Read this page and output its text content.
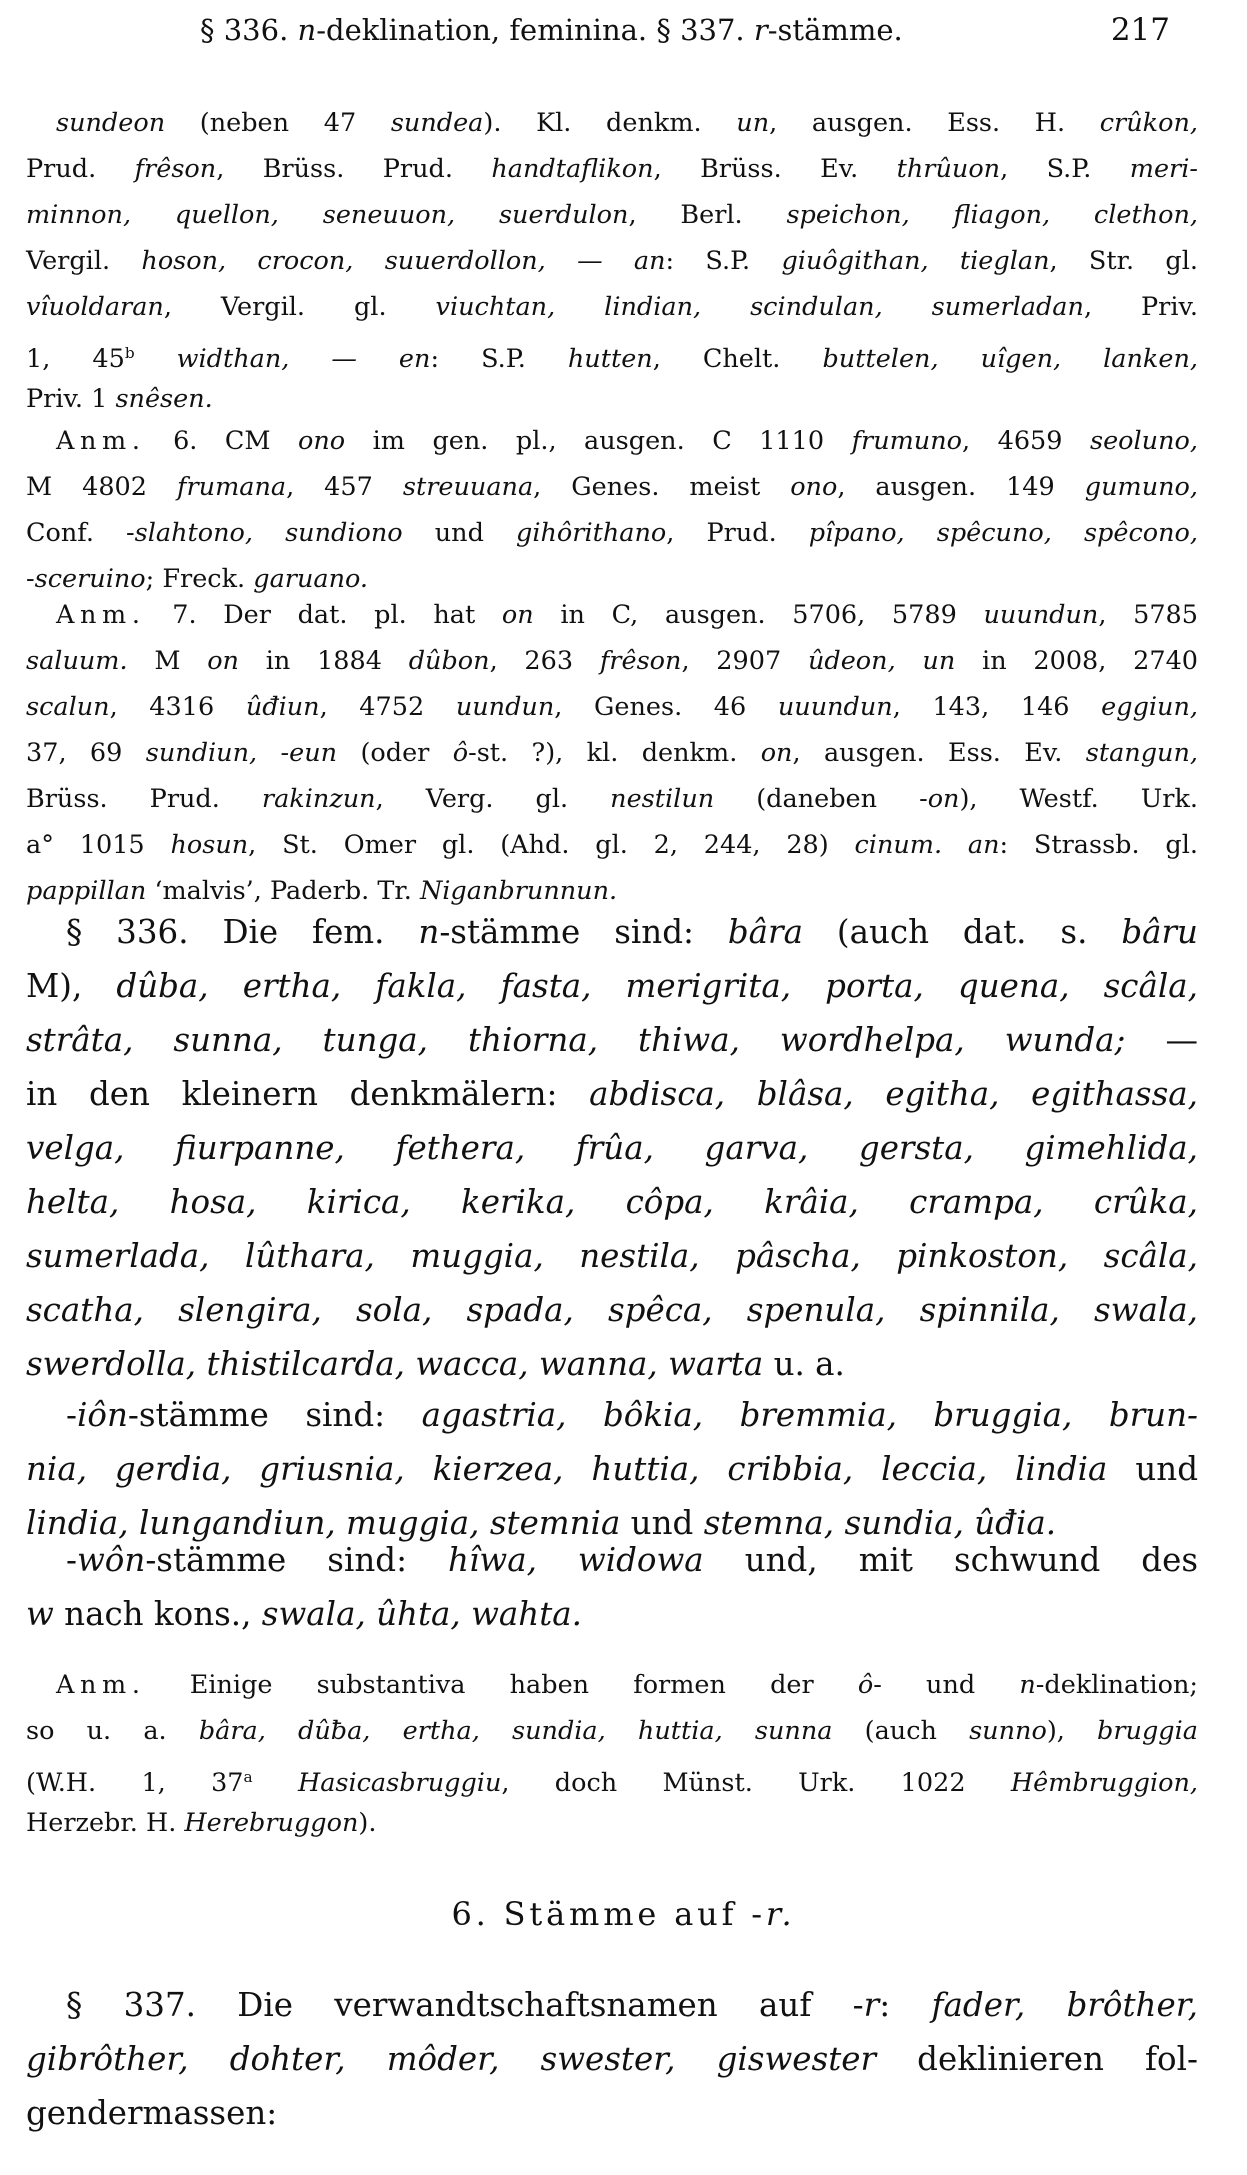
§ 336. n-deklination, feminina. § 337. r-stämme.	217
sundeon (neben 47 sundea). Kl. denkm. un, ausgen. Ess. H. crûkon,
Prud. frêson, Brüss. Prud. handtaflikon, Brüss. Ev. thrûuon, S.P. meri-
minnon, quellon, seneuuon, suerdulon, Berl. speichon, fliagon, clethon,
Vergil. hoson, crocon, suuerdollon, — an: S.P. giuôgithan, tieglan, Str. gl.
vîuoldaran, Vergil. gl. viuchtan, lindian, scindulan, sumerladan, Priv.
1, 45$^b$ widthan, — en: S.P. hutten, Chelt. buttelen, uîgen, lanken,
Priv. 1 snêsen.
Anm. 6. CM ono im gen. pl., ausgen. C 1110 frumuno, 4659 seoluno,
M 4802 frumana, 457 streuuana, Genes. meist ono, ausgen. 149 gumuno,
Conf. -slahtono, sundiono und gihôrithano, Prud. pîpano, spêcuno, spêcono,
-sceruino; Freck. garuano.
Anm. 7. Der dat. pl. hat on in C, ausgen. 5706, 5789 uuundun, 5785
saluum. M on in 1884 dûbon, 263 frêson, 2907 ûdeon, un in 2008, 2740
scalun, 4316 ûđiun, 4752 uundun, Genes. 46 uuundun, 143, 146 eggiun,
37, 69 sundiun, -eun (oder ô-st. ?), kl. denkm. on, ausgen. Ess. Ev. stangun,
Brüss. Prud. rakinzun, Verg. gl. nestilun (daneben -on), Westf. Urk.
a° 1015 hosun, St. Omer gl. (Ahd. gl. 2, 244, 28) cinum. an: Strassb. gl.
pappillan ‘malvis’, Paderb. Tr. Niganbrunnun.
§ 336. Die fem. n-stämme sind: bâra (auch dat. s. bâru
M), dûba, ertha, fakla, fasta, merigrita, porta, quena, scâla,
strâta, sunna, tunga, thiorna, thiwa, wordhelpa, wunda; —
in den kleinern denkmälern: abdisca, blâsa, egitha, egithassa,
velga, fiurpanne, fethera, frûa, garva, gersta, gimehlida,
helta, hosa, kirica, kerika, côpa, krâia, crampa, crûka,
sumerlada, lûthara, muggia, nestila, pâscha, pinkoston, scâla,
scatha, slengira, sola, spada, spêca, spenula, spinnila, swala,
swerdolla, thistilcarda, wacca, wanna, warta u. a.
-iôn-stämme sind: agastria, bôkia, bremmia, bruggia, brun-
nia, gerdia, griusnia, kierzea, huttia, cribbia, leccia, lindia und
lindia, lungandiun, muggia, stemnia und stemna, sundia, ûđia.
-wôn-stämme sind: hîwa, widowa und, mit schwund des
w nach kons., swala, ûhta, wahta.
Anm. Einige substantiva haben formen der ô- und n-deklination;
so u. a. bâra, dûƀa, ertha, sundia, huttia, sunna (auch sunno), bruggia
(W.H. 1, 37$^a$ Hasicasbruggiu, doch Münst. Urk. 1022 Hêmbruggion,
Herzebr. H. Herebruggon).
6. Stämme auf -r.
§ 337. Die verwandtschaftsnamen auf -r: fader, brôther,
gibrôther, dohter, môder, swester, giswester deklinieren fol-
gendermassen:
